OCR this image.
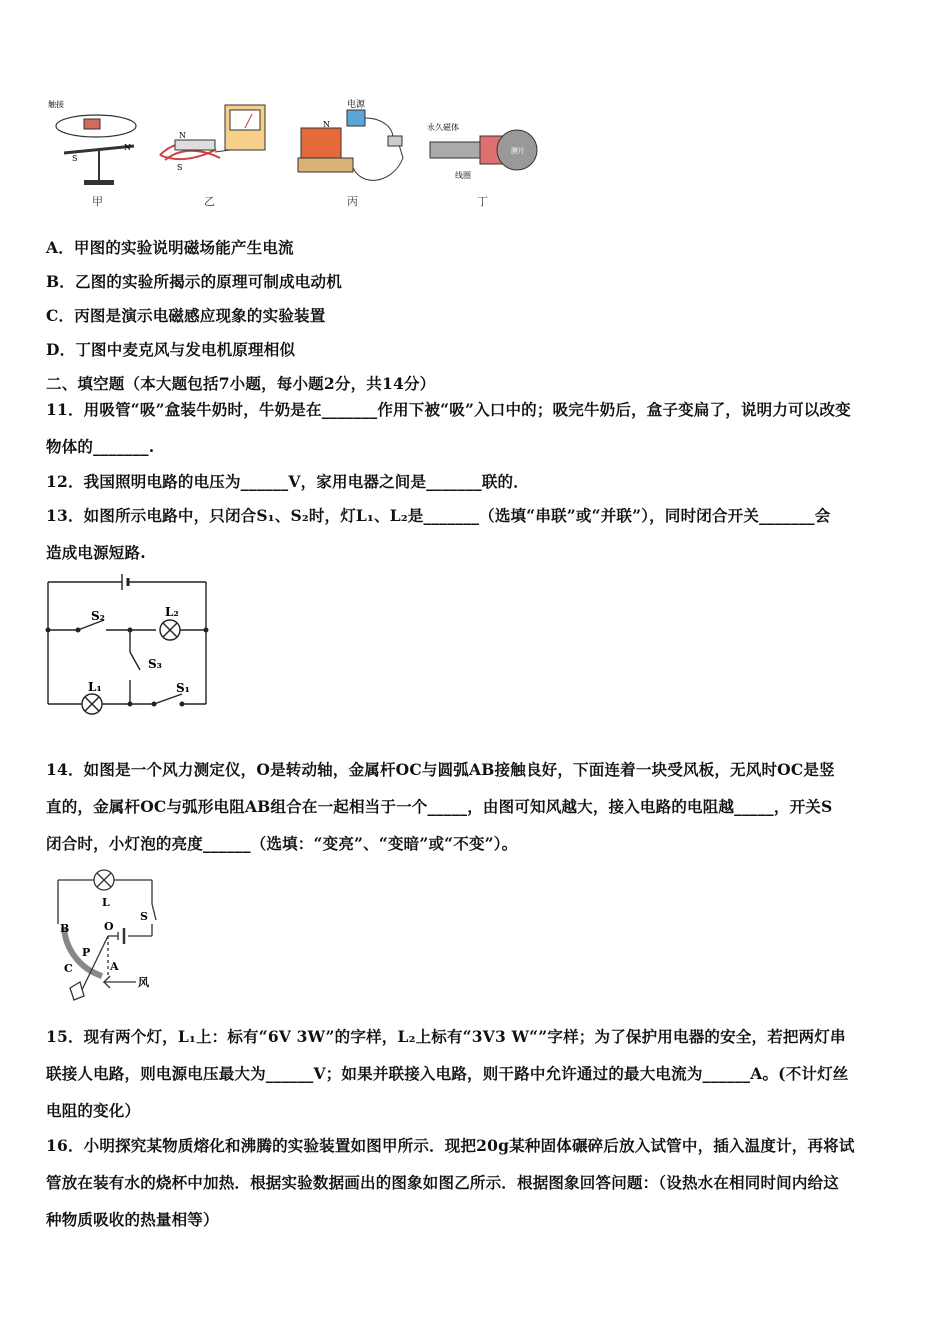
触接
N
S
N
S
电源
N	永久磁体
膜片
线圈
甲	乙	丙	丁
A．甲图的实验说明磁场能产生电流
B．乙图的实验所揭示的原理可制成电动机
C．丙图是演示电磁感应现象的实验装置
D．丁图中麦克风与发电机原理相似
二、填空题（本大题包括7小题，每小题2分，共14分）
11．用吸管“吸”盒装牛奶时，牛奶是在_______作用下被“吸”入口中的；吸完牛奶后，盒子变扁了，说明力可以改变
物体的_______.
12．我国照明电路的电压为______V，家用电器之间是_______联的．
13．如图所示电路中，只闭合S₁、S₂时，灯L₁、L₂是_______（选填“串联”或“并联”），同时闭合开关_______会
造成电源短路.
S₂	L₂
S₃
L₁	S₁
14．如图是一个风力测定仪，O是转动轴，金属杆OC与圆弧AB接触良好，下面连着一块受风板，无风时OC是竖
直的，金属杆OC与弧形电阻AB组合在一起相当于一个_____，由图可知风越大，接入电路的电阻越_____，开关S
闭合时，小灯泡的亮度______（选填：“变亮”、“变暗”或“不变”）。
L
S
O
B
P
C	A
风
15．现有两个灯，L₁上：标有“6V 3W”的字样，L₂上标有“3V3 W“”字样；为了保护用电器的安全，若把两灯串
联接人电路，则电源电压最大为______V；如果并联接入电路，则干路中允许通过的最大电流为______A。(不计灯丝
电阻的变化）
16．小明探究某物质熔化和沸腾的实验装置如图甲所示．现把20g某种固体碾碎后放入试管中，插入温度计，再将试
管放在装有水的烧杯中加热．根据实验数据画出的图象如图乙所示．根据图象回答问题：（设热水在相同时间内给这
种物质吸收的热量相等）
